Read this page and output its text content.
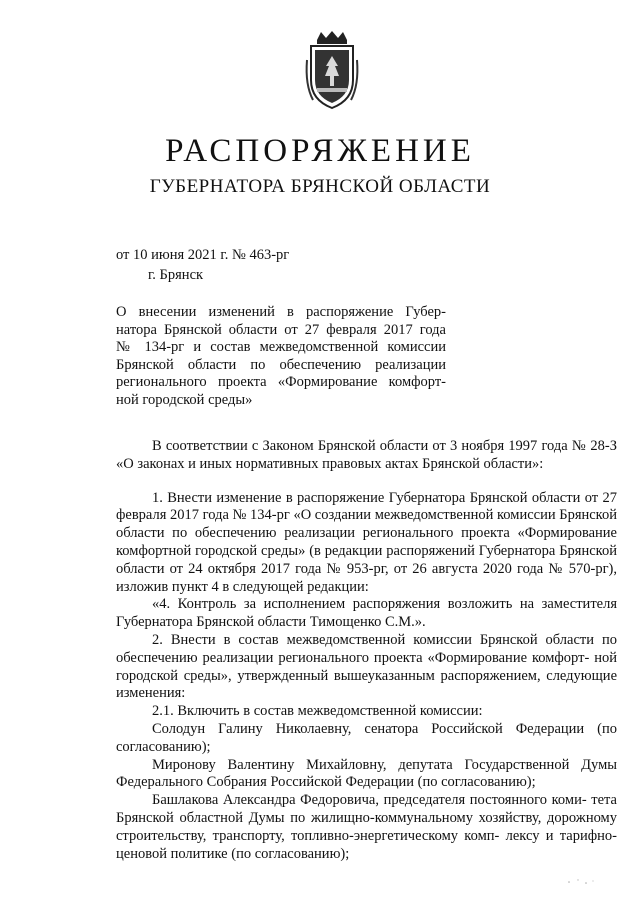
РАСПОРЯЖЕНИЕ
ГУБЕРНАТОРА БРЯНСКОЙ ОБЛАСТИ
от 10 июня 2021 г. № 463-рг
г. Брянск
О внесении изменений в распоряжение Губер-
натора Брянской области от 27 февраля 2017 года
№ 134-рг и состав межведомственной комиссии
Брянской области по обеспечению реализации
регионального проекта «Формирование комфорт-
ной городской среды»

В соответствии с Законом Брянской области от 3 ноября 1997 года № 28-З «О законах и иных нормативных правовых актах Брянской области»:

1. Внести изменение в распоряжение Губернатора Брянской области от 27 февраля 2017 года № 134-рг «О создании межведомственной комиссии Брянской области по обеспечению реализации регионального проекта «Формирование комфортной городской среды» (в редакции распоряжений Губернатора Брянской области от 24 октября 2017 года № 953-рг, от 26 августа 2020 года № 570-рг), изложив пункт 4 в следующей редакции:

«4. Контроль за исполнением распоряжения возложить на заместителя Губернатора Брянской области Тимощенко С.М.».

2. Внести в состав межведомственной комиссии Брянской области по обеспечению реализации регионального проекта «Формирование комфорт- ной городской среды», утвержденный вышеуказанным распоряжением, следующие изменения:

2.1. Включить в состав межведомственной комиссии:

Солодун Галину Николаевну, сенатора Российской Федерации (по согласованию);

Миронову Валентину Михайловну, депутата Государственной Думы Федерального Собрания Российской Федерации (по согласованию);

Башлакова Александра Федоровича, председателя постоянного коми- тета Брянской областной Думы по жилищно-коммунальному хозяйству, дорожному строительству, транспорту, топливно-энергетическому комп- лексу и тарифно-ценовой политике (по согласованию);
